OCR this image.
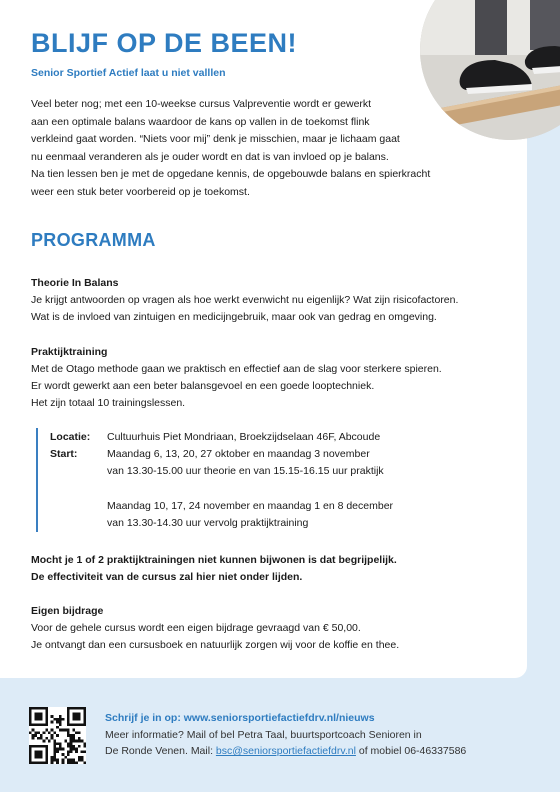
BLIJF OP DE BEEN!

Senior Sportief Actief laat u niet valllen

Veel beter nog; met een 10-weekse cursus Valpreventie wordt er gewerkt
aan een optimale balans waardoor de kans op vallen in de toekomst flink
verkleind gaat worden. “Niets voor mij” denk je misschien, maar je lichaam gaat
nu eenmaal veranderen als je ouder wordt en dat is van invloed op je balans.
Na tien lessen ben je met de opgedane kennis, de opgebouwde balans en spierkracht
weer een stuk beter voorbereid op je toekomst.

PROGRAMMA
Theorie In Balans
Je krijgt antwoorden op vragen als hoe werkt evenwicht nu eigenlijk? Wat zijn risicofactoren.
Wat is de invloed van zintuigen en medicijngebruik, maar ook van gedrag en omgeving.
Praktijktraining
Met de Otago methode gaan we praktisch en effectief aan de slag voor sterkere spieren.
Er wordt gewerkt aan een beter balansgevoel en een goede looptechniek.
Het zijn totaal 10 trainingslessen.
Locatie: Cultuurhuis Piet Mondriaan, Broekzijdselaan 46F, Abcoude
Start:	Maandag 6, 13, 20, 27 oktober en maandag 3 november
van 13.30-15.00 uur theorie en van 15.15-16.15 uur praktijk
Maandag 10, 17, 24 november en maandag 1 en 8 december
van 13.30-14.30 uur vervolg praktijktraining
Mocht je 1 of 2 praktijktrainingen niet kunnen bijwonen is dat begrijpelijk.
De effectiviteit van de cursus zal hier niet onder lijden.
Eigen bijdrage
Voor de gehele cursus wordt een eigen bijdrage gevraagd van € 50,00.
Je ontvangt dan een cursusboek en natuurlijk zorgen wij voor de koffie en thee.
Schrijf je in op: www.seniorsportiefactiefdrv.nl/nieuws
Meer informatie? Mail of bel Petra Taal, buurtsportcoach Senioren in
De Ronde Venen. Mail: bsc@seniorsportiefactiefdrv.nl of mobiel 06-46337586
